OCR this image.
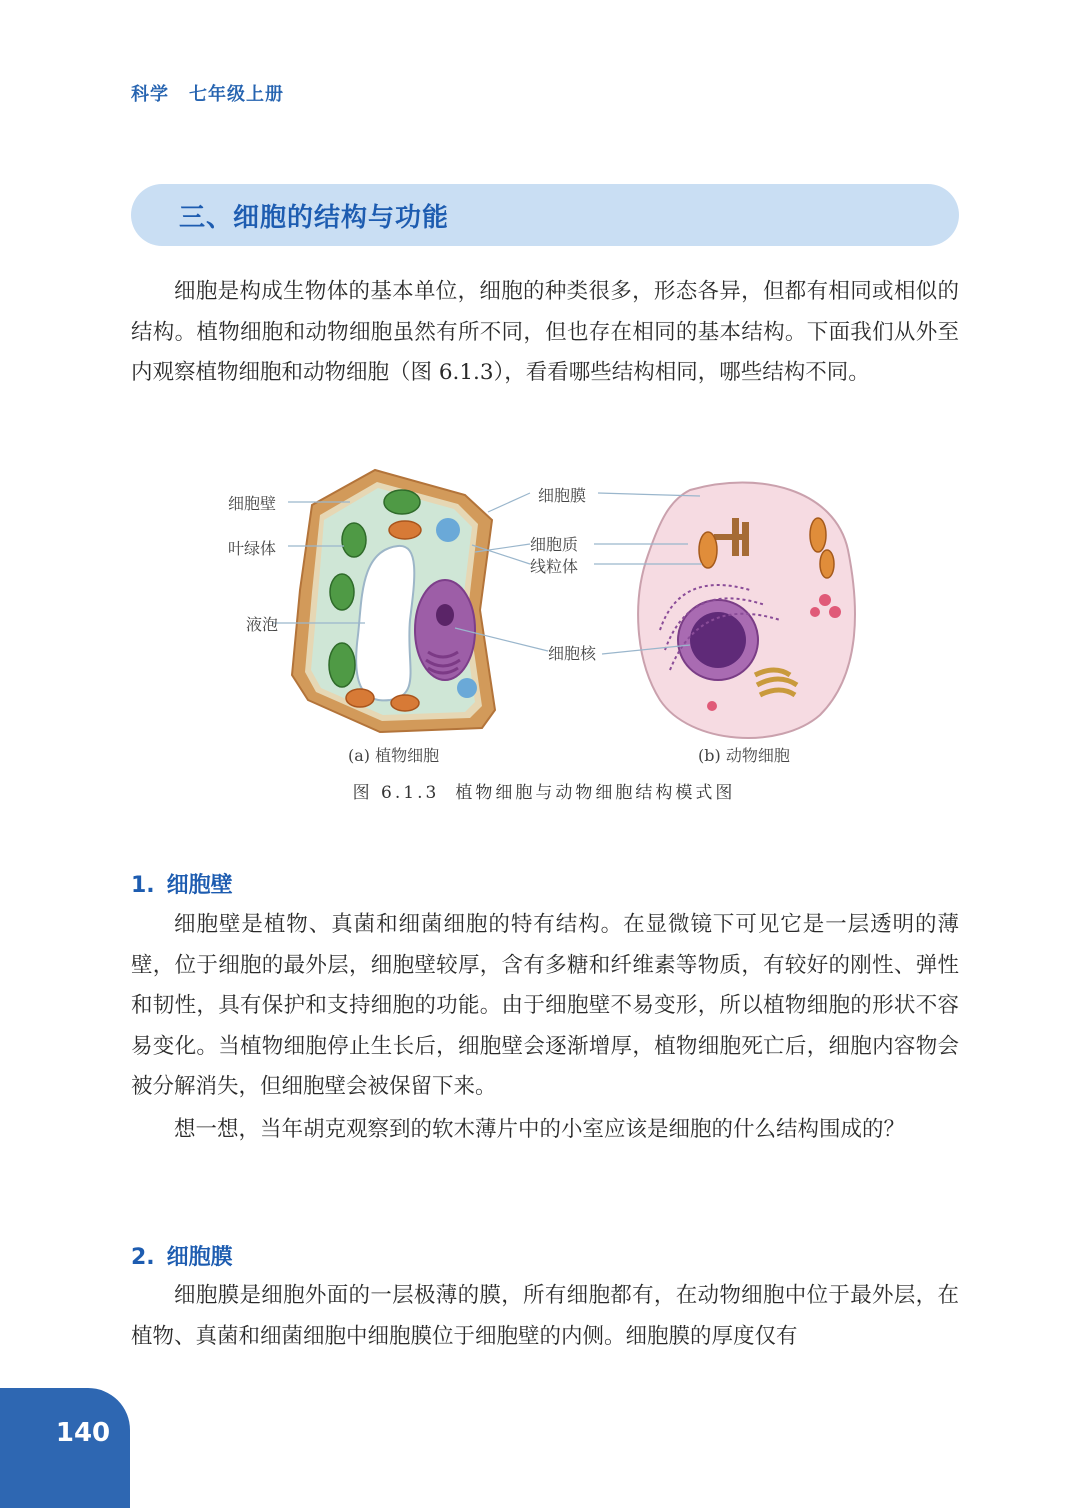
科学 七年级上册
三、细胞的结构与功能

细胞是构成生物体的基本单位，细胞的种类很多，形态各异，但都有相同或相似的结构。植物细胞和动物细胞虽然有所不同，但也存在相同的基本结构。下面我们从外至内观察植物细胞和动物细胞（图 6.1.3），看看哪些结构相同，哪些结构不同。

细胞壁
叶绿体
液泡
细胞膜
细胞质
线粒体
细胞核
(a) 植物细胞	(b) 动物细胞
图 6.1.3 植物细胞与动物细胞结构模式图
1. 细胞壁

细胞壁是植物、真菌和细菌细胞的特有结构。在显微镜下可见它是一层透明的薄壁，位于细胞的最外层，细胞壁较厚，含有多糖和纤维素等物质，有较好的刚性、弹性和韧性，具有保护和支持细胞的功能。由于细胞壁不易变形，所以植物细胞的形状不容易变化。当植物细胞停止生长后，细胞壁会逐渐增厚，植物细胞死亡后，细胞内容物会被分解消失，但细胞壁会被保留下来。

想一想，当年胡克观察到的软木薄片中的小室应该是细胞的什么结构围成的？

2. 细胞膜

细胞膜是细胞外面的一层极薄的膜，所有细胞都有，在动物细胞中位于最外层，在植物、真菌和细菌细胞中细胞膜位于细胞壁的内侧。细胞膜的厚度仅有

140
